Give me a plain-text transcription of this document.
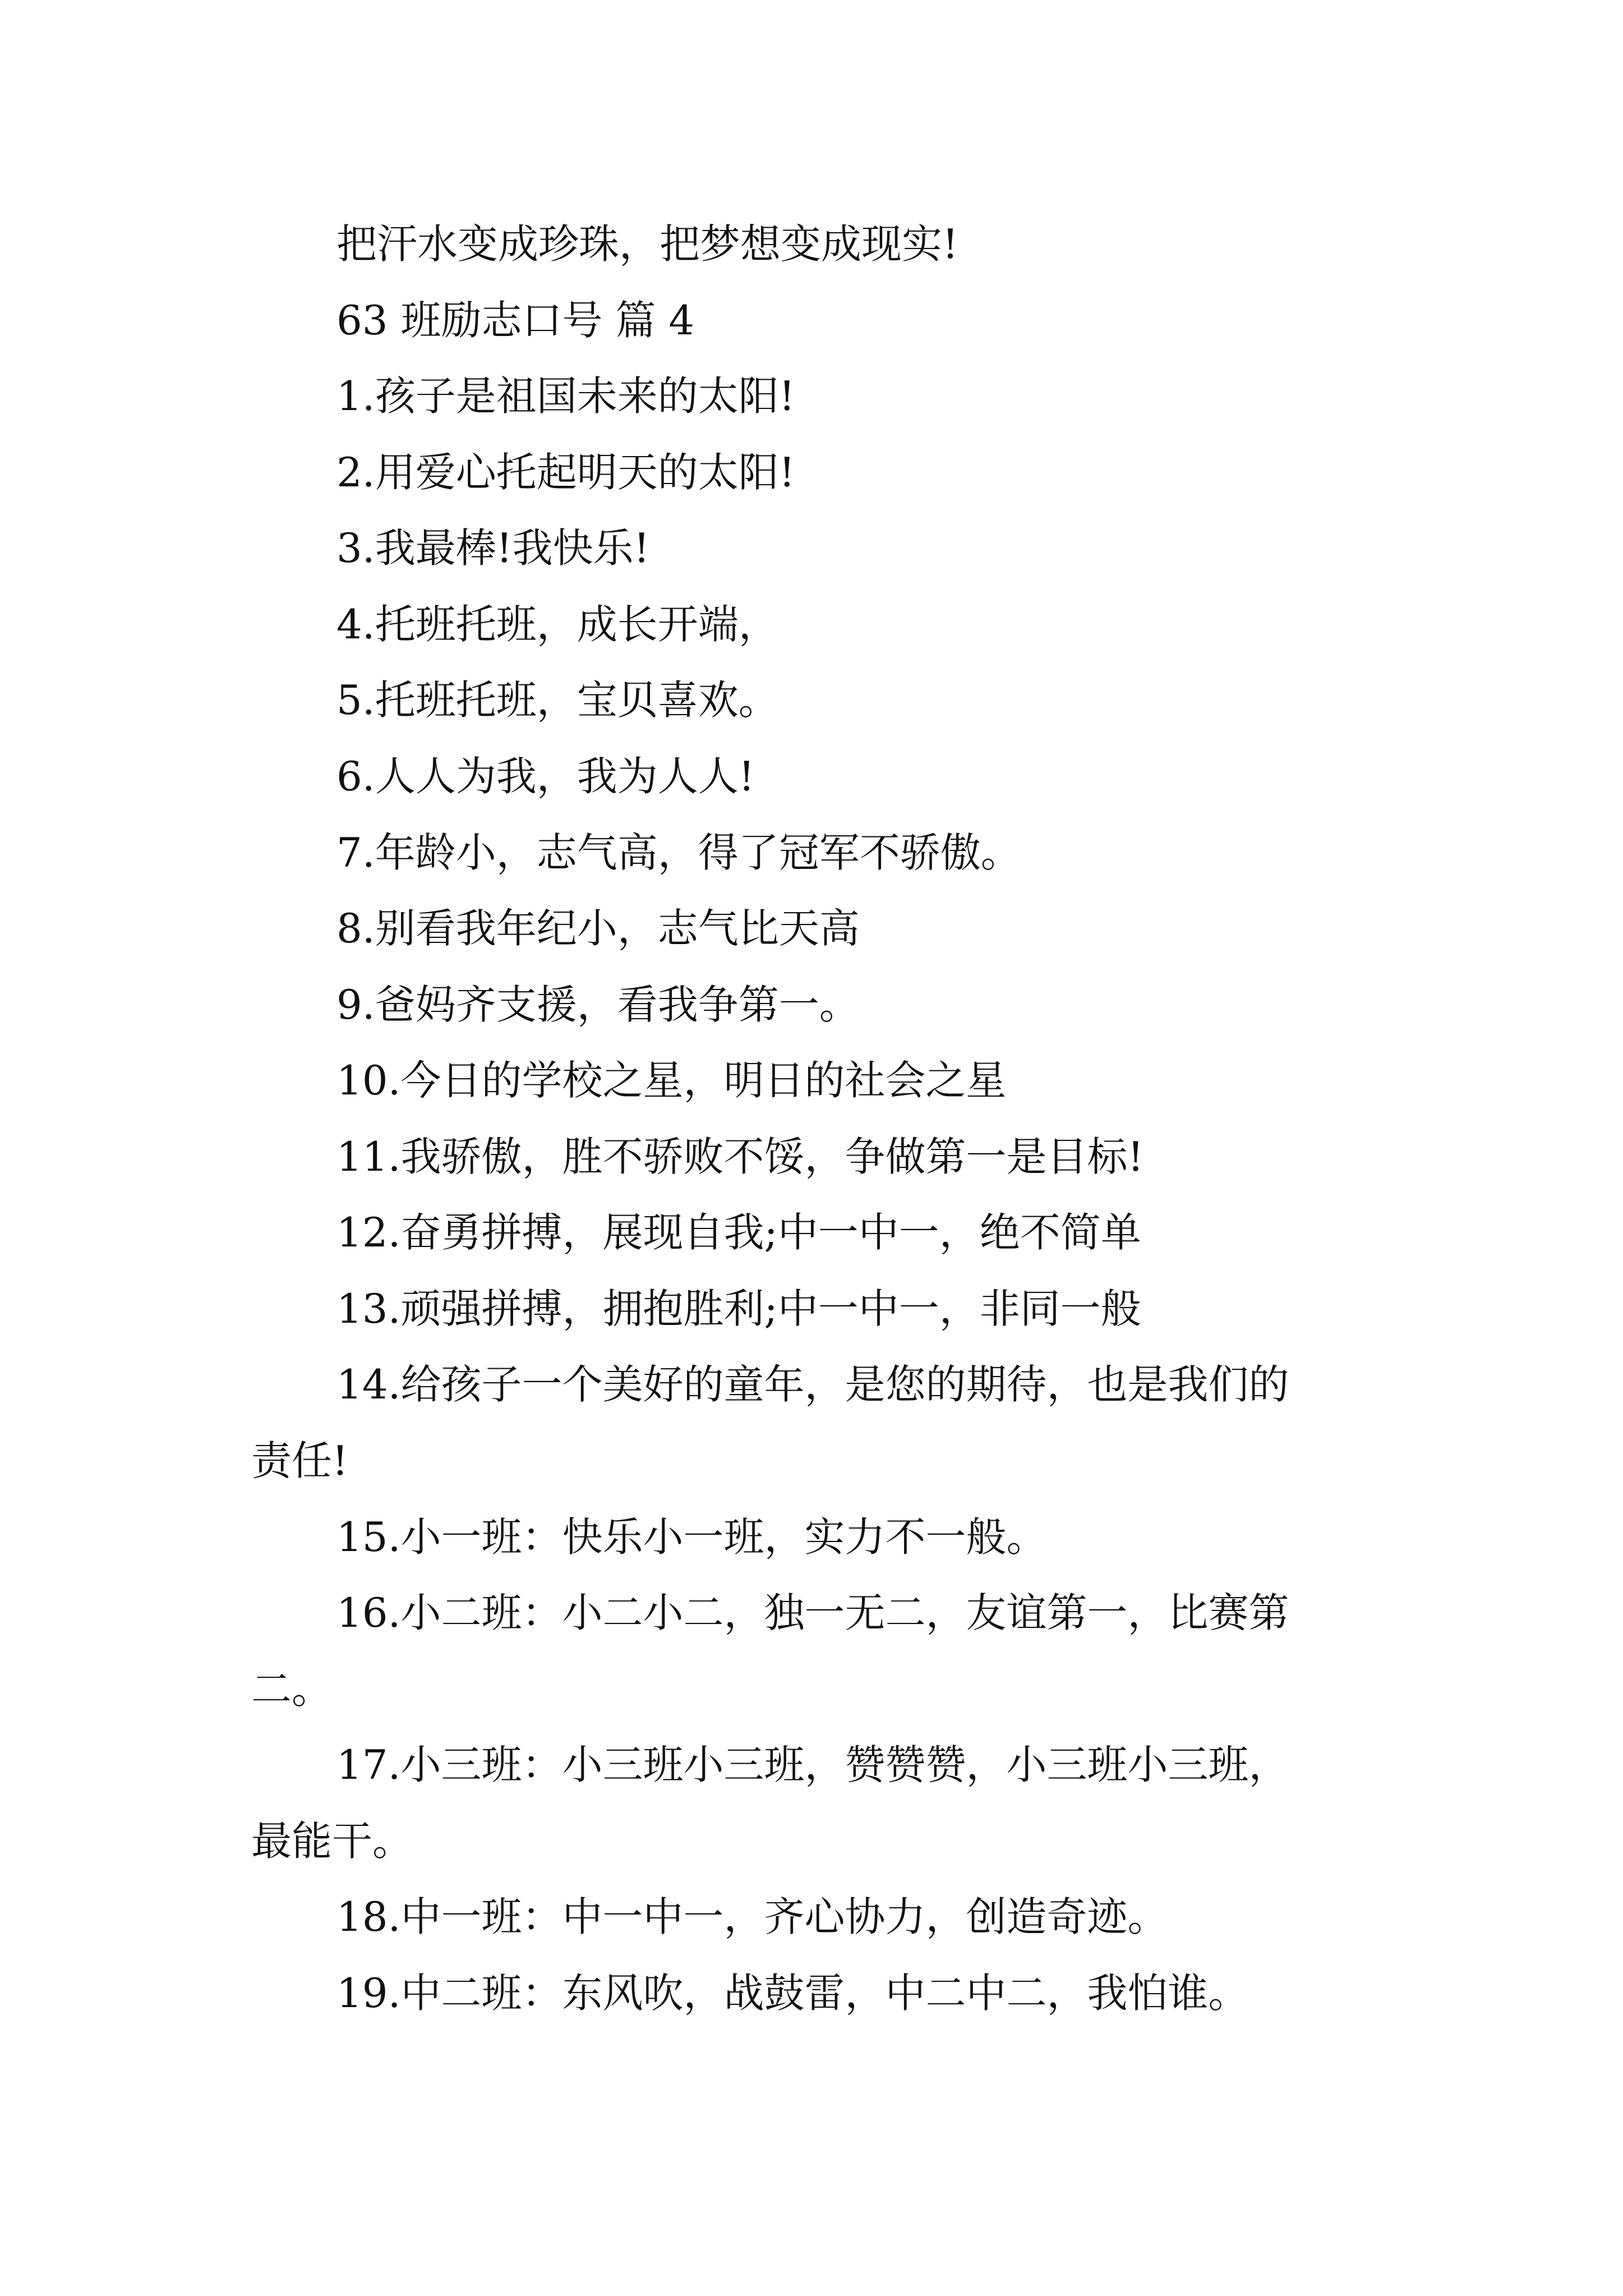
把汗水变成珍珠，把梦想变成现实!
63 班励志口号 篇 4
1.孩子是祖国未来的太阳!
2.用爱心托起明天的太阳!
3.我最棒!我快乐!
4.托班托班，成长开端，
5.托班托班，宝贝喜欢。
6.人人为我，我为人人!
7.年龄小，志气高，得了冠军不骄傲。
8.别看我年纪小，志气比天高
9.爸妈齐支援，看我争第一。
10.今日的学校之星，明日的社会之星
11.我骄傲，胜不骄败不馁，争做第一是目标!
12.奋勇拼搏，展现自我;中一中一，绝不简单
13.顽强拼搏，拥抱胜利;中一中一，非同一般
14.给孩子一个美好的童年，是您的期待，也是我们的
责任!
15.小一班：快乐小一班，实力不一般。
16.小二班：小二小二，独一无二，友谊第一，比赛第
二。
17.小三班：小三班小三班，赞赞赞，小三班小三班，
最能干。
18.中一班：中一中一，齐心协力，创造奇迹。
19.中二班：东风吹，战鼓雷，中二中二，我怕谁。
